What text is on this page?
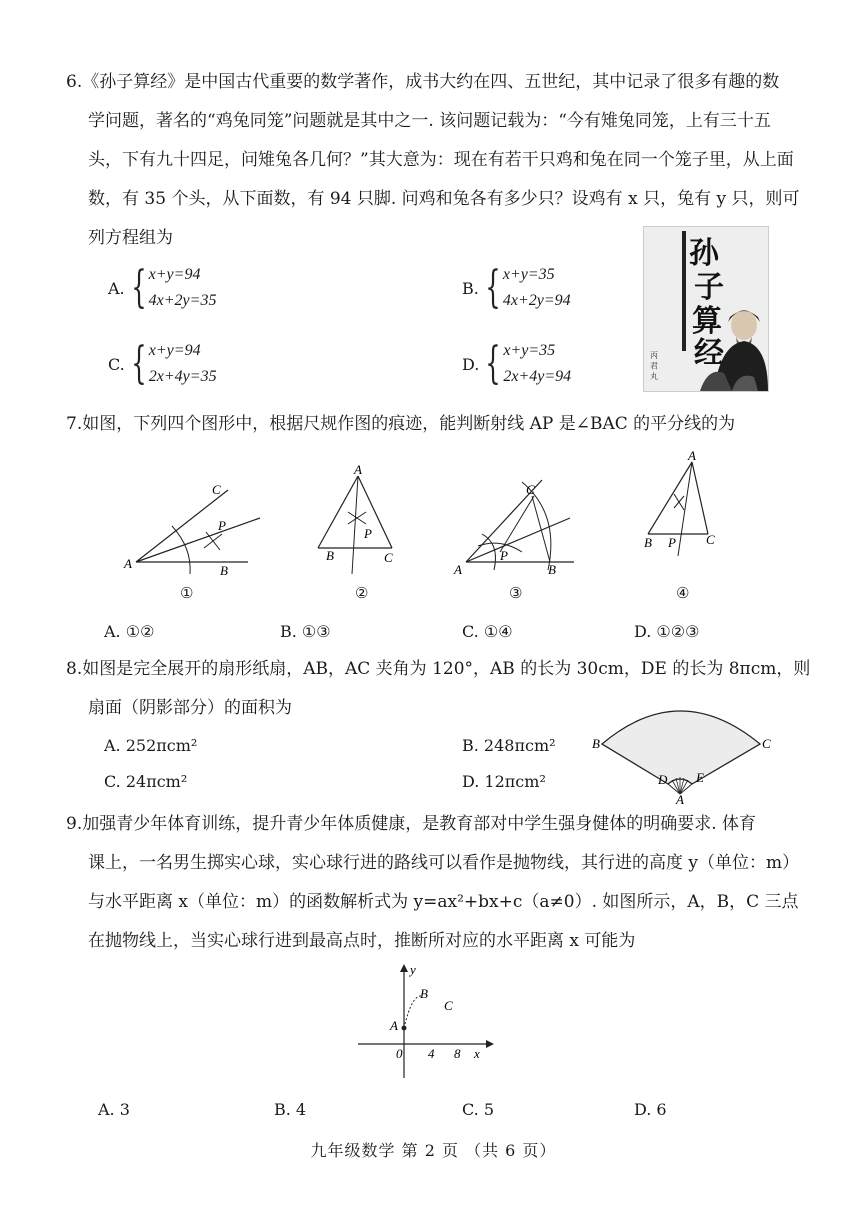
6.《孙子算经》是中国古代重要的数学著作，成书大约在四、五世纪，其中记录了很多有趣的数
学问题，著名的“鸡兔同笼”问题就是其中之一. 该问题记载为：“今有雉兔同笼，上有三十五
头，下有九十四足，问雉兔各几何？”其大意为：现在有若干只鸡和兔在同一个笼子里，从上面
数，有 35 个头，从下面数，有 94 只脚. 问鸡和兔各有多少只？设鸡有 x 只，兔有 y 只，则可
列方程组为
A. { x+y=94
4x+2y=35
B. { x+y=35
4x+2y=94
C. { x+y=94
2x+4y=35
D. { x+y=35
2x+4y=94
孙
子
算
经
丙 君 丸
7.如图，下列四个图形中，根据尺规作图的痕迹，能判断射线 AP 是∠BAC 的平分线的为
A
C
P
B
①
A
B	C
P
②
A
C
P
B
③
A
B P C
④
A. ①②	B. ①③	C. ①④	D. ①②③
8.如图是完全展开的扇形纸扇，AB，AC 夹角为 120°，AB 的长为 30cm，DE 的长为 8πcm，则
扇面（阴影部分）的面积为
A. 252πcm²	B. 248πcm²
C. 24πcm²	D. 12πcm²
B	C
D E
A
9.加强青少年体育训练，提升青少年体质健康，是教育部对中学生强身健体的明确要求. 体育
课上，一名男生掷实心球，实心球行进的路线可以看作是抛物线，其行进的高度 y（单位：m）
与水平距离 x（单位：m）的函数解析式为 y=ax²+bx+c（a≠0）. 如图所示，A，B，C 三点
在抛物线上，当实心球行进到最高点时，推断所对应的水平距离 x 可能为
y
x
0 4 8
A
B
C
A. 3	B. 4	C. 5	D. 6
九年级数学 第 2 页 （共 6 页）
